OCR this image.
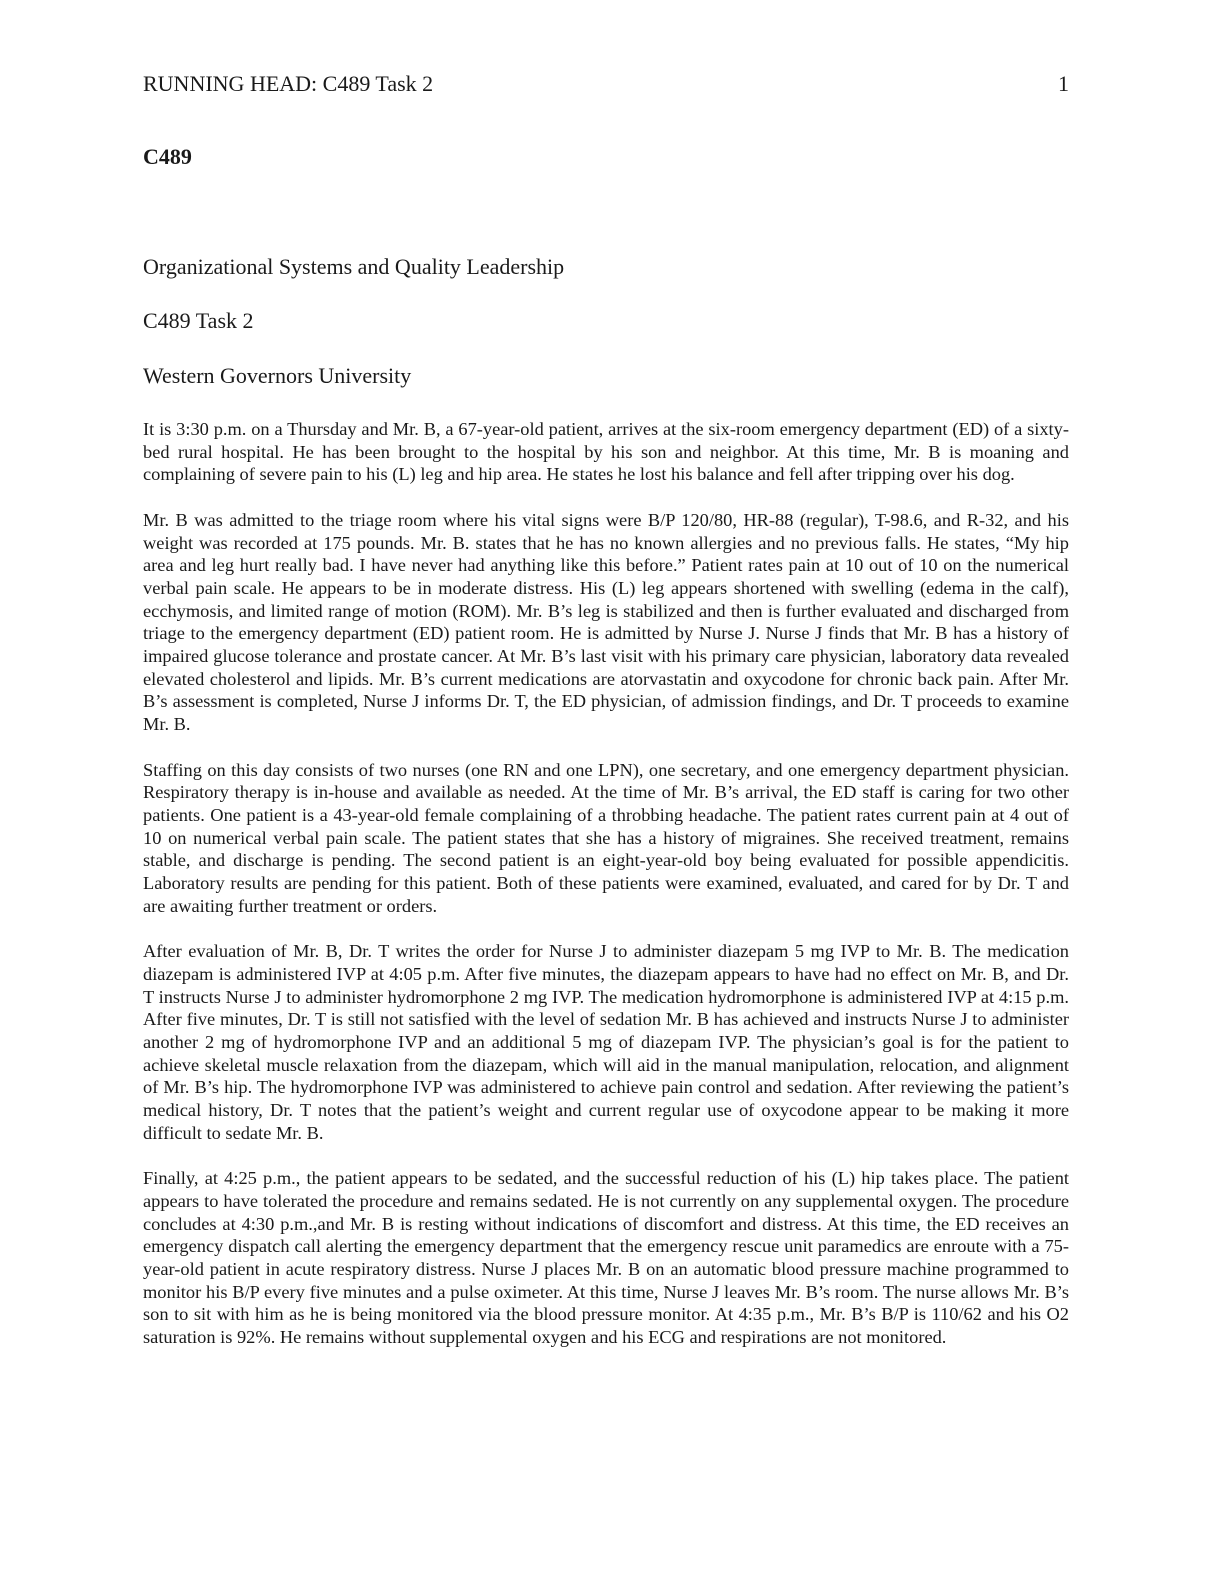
RUNNING HEAD: C489 Task 2	1
C489
Organizational Systems and Quality Leadership
C489 Task 2
Western Governors University

It is 3:30 p.m. on a Thursday and Mr. B, a 67-year-old patient, arrives at the six-room emergency department (ED) of a sixty-bed rural hospital. He has been brought to the hospital by his son and neighbor. At this time, Mr. B is moaning and complaining of severe pain to his (L) leg and hip area. He states he lost his balance and fell after tripping over his dog.

Mr. B was admitted to the triage room where his vital signs were B/P 120/80, HR-88 (regular), T-98.6, and R-32, and his weight was recorded at 175 pounds. Mr. B. states that he has no known allergies and no previous falls. He states, “My hip area and leg hurt really bad. I have never had anything like this before.” Patient rates pain at 10 out of 10 on the numerical verbal pain scale. He appears to be in moderate distress. His (L) leg appears shortened with swelling (edema in the calf), ecchymosis, and limited range of motion (ROM). Mr. B’s leg is stabilized and then is further evaluated and discharged from triage to the emergency department (ED) patient room. He is admitted by Nurse J. Nurse J finds that Mr. B has a history of impaired glucose tolerance and prostate cancer. At Mr. B’s last visit with his primary care physician, laboratory data revealed elevated cholesterol and lipids. Mr. B’s current medications are atorvastatin and oxycodone for chronic back pain. After Mr. B’s assessment is completed, Nurse J informs Dr. T, the ED physician, of admission findings, and Dr. T proceeds to examine Mr. B.

Staffing on this day consists of two nurses (one RN and one LPN), one secretary, and one emergency department physician. Respiratory therapy is in-house and available as needed. At the time of Mr. B’s arrival, the ED staff is caring for two other patients. One patient is a 43-year-old female complaining of a throbbing headache. The patient rates current pain at 4 out of 10 on numerical verbal pain scale. The patient states that she has a history of migraines. She received treatment, remains stable, and discharge is pending. The second patient is an eight-year-old boy being evaluated for possible appendicitis. Laboratory results are pending for this patient. Both of these patients were examined, evaluated, and cared for by Dr. T and are awaiting further treatment or orders.

After evaluation of Mr. B, Dr. T writes the order for Nurse J to administer diazepam 5 mg IVP to Mr. B. The medication diazepam is administered IVP at 4:05 p.m. After five minutes, the diazepam appears to have had no effect on Mr. B, and Dr. T instructs Nurse J to administer hydromorphone 2 mg IVP. The medication hydromorphone is administered IVP at 4:15 p.m. After five minutes, Dr. T is still not satisfied with the level of sedation Mr. B has achieved and instructs Nurse J to administer another 2 mg of hydromorphone IVP and an additional 5 mg of diazepam IVP. The physician’s goal is for the patient to achieve skeletal muscle relaxation from the diazepam, which will aid in the manual manipulation, relocation, and alignment of Mr. B’s hip. The hydromorphone IVP was administered to achieve pain control and sedation. After reviewing the patient’s medical history, Dr. T notes that the patient’s weight and current regular use of oxycodone appear to be making it more difficult to sedate Mr. B.

Finally, at 4:25 p.m., the patient appears to be sedated, and the successful reduction of his (L) hip takes place. The patient appears to have tolerated the procedure and remains sedated. He is not currently on any supplemental oxygen. The procedure concludes at 4:30 p.m.,and Mr. B is resting without indications of discomfort and distress. At this time, the ED receives an emergency dispatch call alerting the emergency department that the emergency rescue unit paramedics are enroute with a 75-year-old patient in acute respiratory distress. Nurse J places Mr. B on an automatic blood pressure machine programmed to monitor his B/P every five minutes and a pulse oximeter. At this time, Nurse J leaves Mr. B’s room. The nurse allows Mr. B’s son to sit with him as he is being monitored via the blood pressure monitor. At 4:35 p.m., Mr. B’s B/P is 110/62 and his O2 saturation is 92%. He remains without supplemental oxygen and his ECG and respirations are not monitored.
